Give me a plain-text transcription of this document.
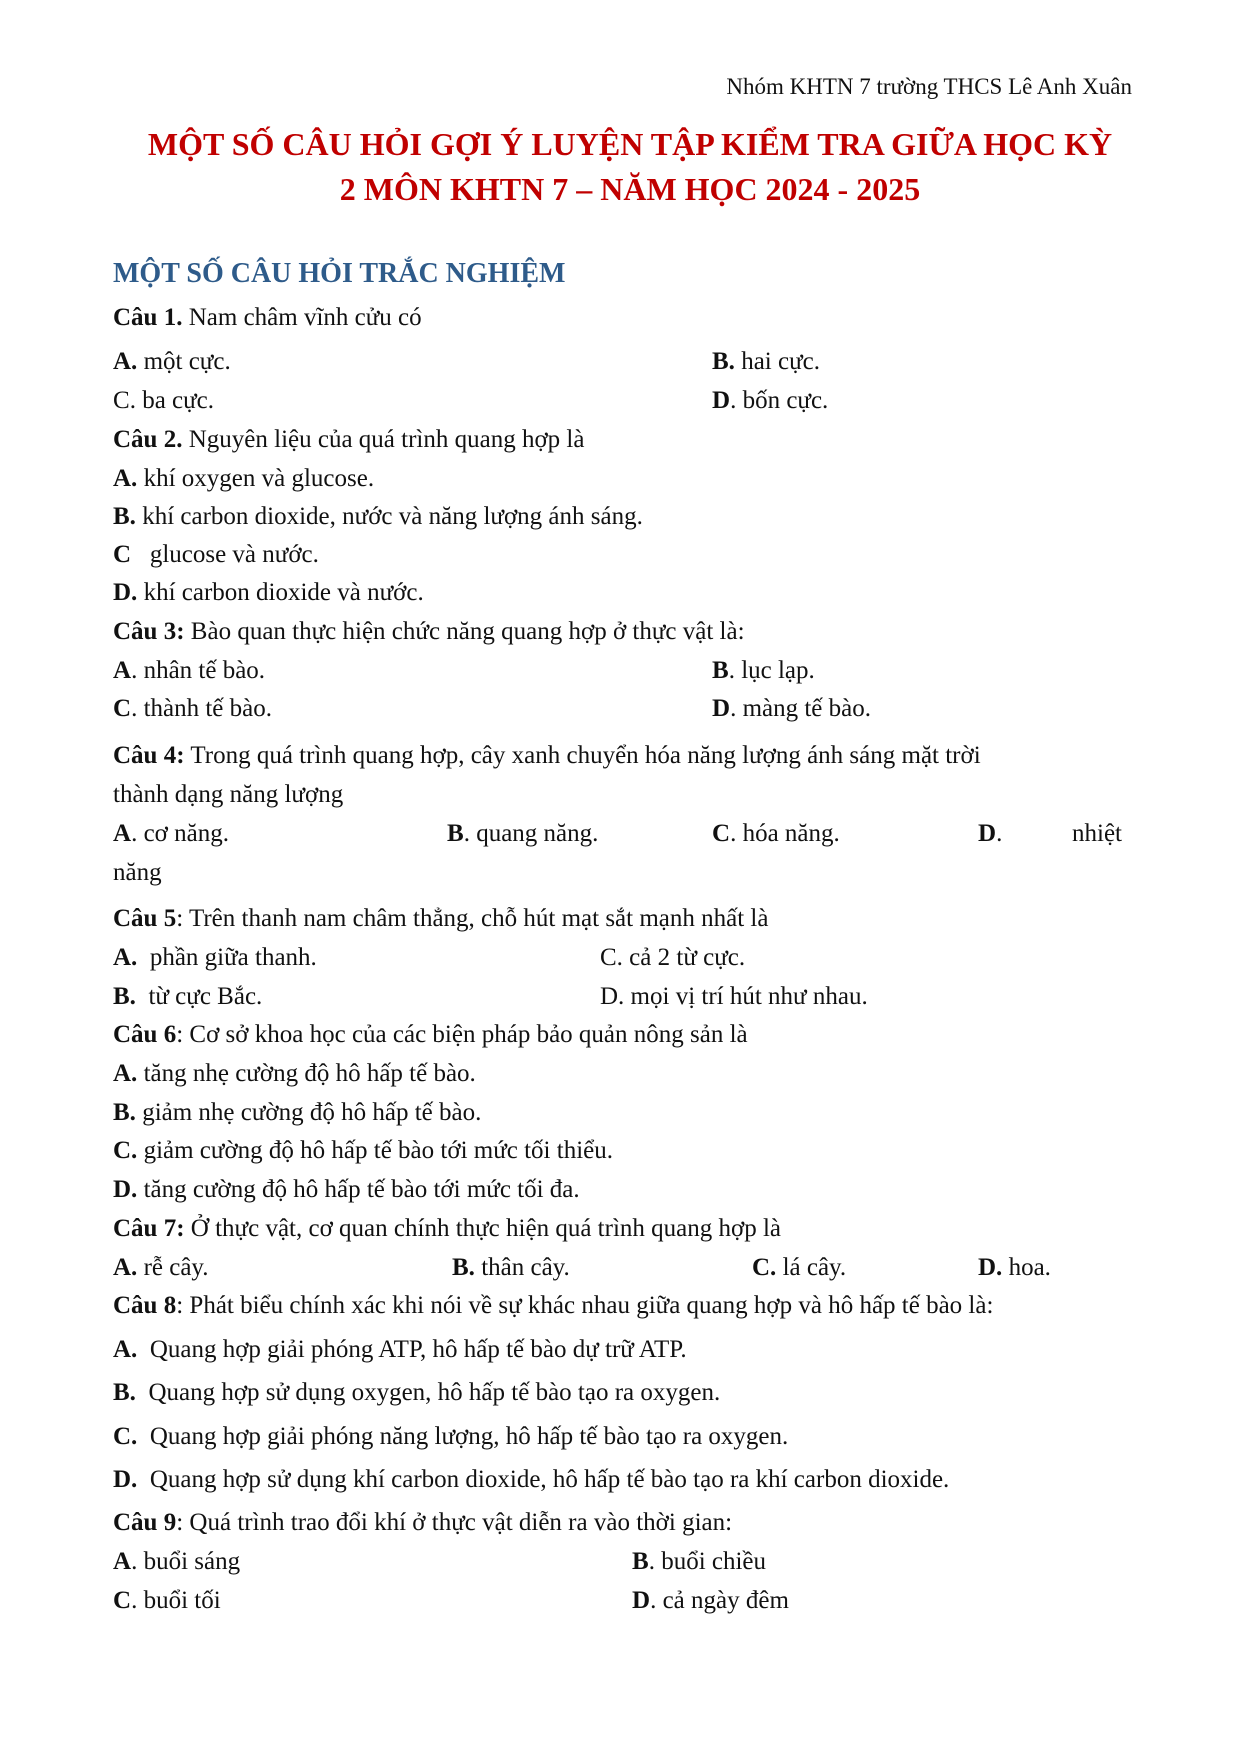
Nhóm KHTN 7 trường THCS Lê Anh Xuân
MỘT SỐ CÂU HỎI GỢI Ý LUYỆN TẬP KIỂM TRA GIỮA HỌC KỲ
2 MÔN KHTN 7 – NĂM HỌC 2024 - 2025
MỘT SỐ CÂU HỎI TRẮC NGHIỆM
Câu 1. Nam châm vĩnh cửu có
A. một cực.	B. hai cực.
C. ba cực.	D. bốn cực.
Câu 2. Nguyên liệu của quá trình quang hợp là
A. khí oxygen và glucose.
B. khí carbon dioxide, nước và năng lượng ánh sáng.
C   glucose và nước.
D. khí carbon dioxide và nước.
Câu 3: Bào quan thực hiện chức năng quang hợp ở thực vật là:
A. nhân tế bào.	B. lục lạp.
C. thành tế bào.	D. màng tế bào.
Câu 4: Trong quá trình quang hợp, cây xanh chuyển hóa năng lượng ánh sáng mặt trời
thành dạng năng lượng
A. cơ năng.	B. quang năng.	C. hóa năng.	D.	nhiệt
năng
Câu 5: Trên thanh nam châm thẳng, chỗ hút mạt sắt mạnh nhất là
A.  phần giữa thanh.	C. cả 2 từ cực.
B.  từ cực Bắc.	D. mọi vị trí hút như nhau.
Câu 6: Cơ sở khoa học của các biện pháp bảo quản nông sản là
A. tăng nhẹ cường độ hô hấp tế bào.
B. giảm nhẹ cường độ hô hấp tế bào.
C. giảm cường độ hô hấp tế bào tới mức tối thiểu.
D. tăng cường độ hô hấp tế bào tới mức tối đa.
Câu 7: Ở thực vật, cơ quan chính thực hiện quá trình quang hợp là
A. rễ cây.	B. thân cây.	C. lá cây.	D. hoa.
Câu 8: Phát biểu chính xác khi nói về sự khác nhau giữa quang hợp và hô hấp tế bào là:
A.  Quang hợp giải phóng ATP, hô hấp tế bào dự trữ ATP.
B.  Quang hợp sử dụng oxygen, hô hấp tế bào tạo ra oxygen.
C.  Quang hợp giải phóng năng lượng, hô hấp tế bào tạo ra oxygen.
D.  Quang hợp sử dụng khí carbon dioxide, hô hấp tế bào tạo ra khí carbon dioxide.
Câu 9: Quá trình trao đổi khí ở thực vật diễn ra vào thời gian:
A. buổi sáng	B. buổi chiều
C. buổi tối	D. cả ngày đêm
